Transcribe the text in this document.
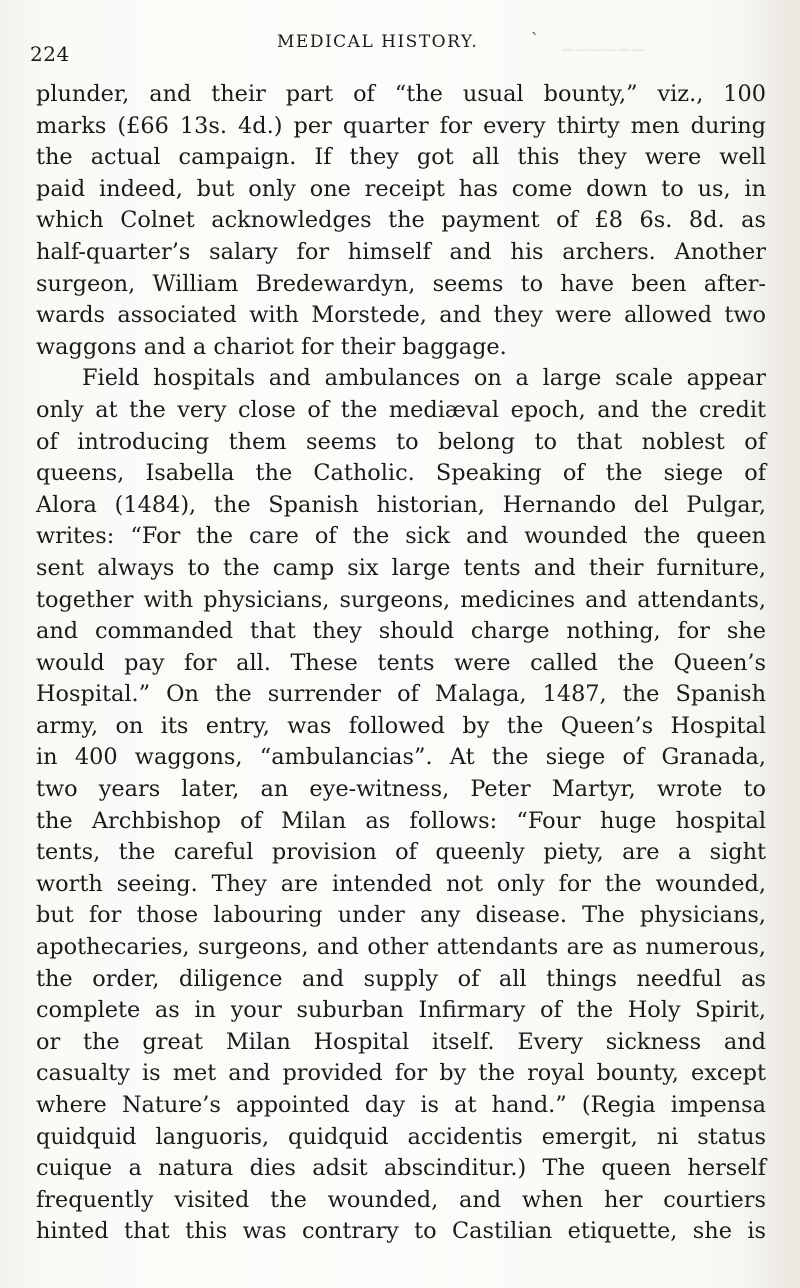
──────
224	MEDICAL HISTORY.	`
plunder, and their part of “the usual bounty,” viz., 100
marks (£66 13s. 4d.) per quarter for every thirty men during
the actual campaign. If they got all this they were well
paid indeed, but only one receipt has come down to us, in
which Colnet acknowledges the payment of £8 6s. 8d. as
half-quarter’s salary for himself and his archers. Another
surgeon, William Bredewardyn, seems to have been after-
wards associated with Morstede, and they were allowed two
waggons and a chariot for their baggage.
Field hospitals and ambulances on a large scale appear
only at the very close of the mediæval epoch, and the credit
of introducing them seems to belong to that noblest of
queens, Isabella the Catholic. Speaking of the siege of
Alora (1484), the Spanish historian, Hernando del Pulgar,
writes: “For the care of the sick and wounded the queen
sent always to the camp six large tents and their furniture,
together with physicians, surgeons, medicines and attendants,
and commanded that they should charge nothing, for she
would pay for all. These tents were called the Queen’s
Hospital.” On the surrender of Malaga, 1487, the Spanish
army, on its entry, was followed by the Queen’s Hospital
in 400 waggons, “ambulancias”. At the siege of Granada,
two years later, an eye-witness, Peter Martyr, wrote to
the Archbishop of Milan as follows: “Four huge hospital
tents, the careful provision of queenly piety, are a sight
worth seeing. They are intended not only for the wounded,
but for those labouring under any disease. The physicians,
apothecaries, surgeons, and other attendants are as numerous,
the order, diligence and supply of all things needful as
complete as in your suburban Infirmary of the Holy Spirit,
or the great Milan Hospital itself. Every sickness and
casualty is met and provided for by the royal bounty, except
where Nature’s appointed day is at hand.” (Regia impensa
quidquid languoris, quidquid accidentis emergit, ni status
cuique a natura dies adsit abscinditur.) The queen herself
frequently visited the wounded, and when her courtiers
hinted that this was contrary to Castilian etiquette, she is
